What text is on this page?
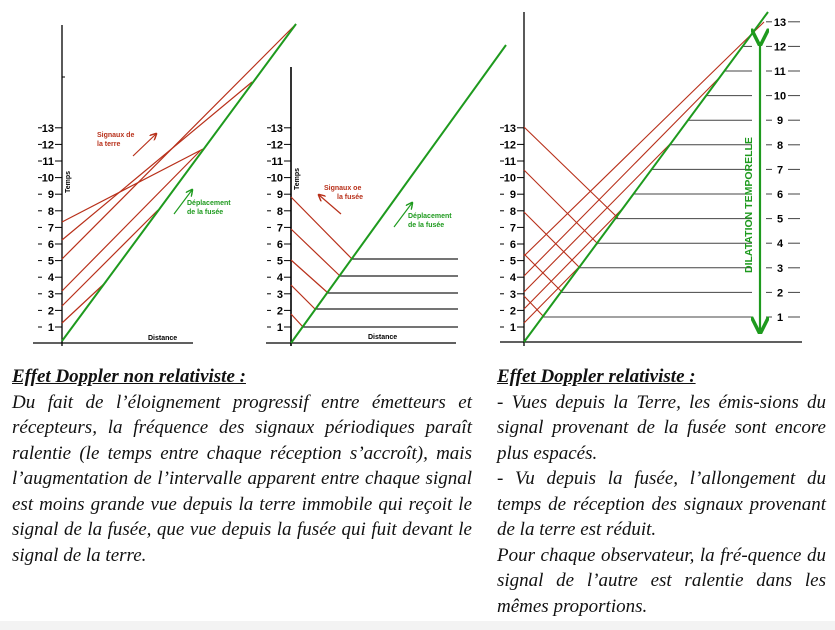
1
2
3
4
5
6
7
8
9
10
11
12
13
Temps
Distance
Signaux de
la terre
Déplacement
de la fusée
1
2
3
4
5
6
7
8
9
10
11
12
13
Temps
Distance
Signaux oe
la fusée
Déplacement
de la fusée
1
2
3
4
5
6
7
8
9
10
11
12
13
1
2
3
4
5
6
7
8
9
10
11
12
13
DILATATION TEMPORELLE
Effet Doppler non relativiste :

Du fait de l’éloignement progressif entre émetteurs et récepteurs, la fréquence des signaux périodiques paraît ralentie (le temps entre chaque réception s’accroît), mais l’augmentation de l’intervalle apparent entre chaque signal est moins grande vue depuis la terre immobile qui reçoit le signal de la fusée, que vue depuis la fusée qui fuit devant le signal de la terre.

Effet Doppler relativiste :

- Vues depuis la Terre, les émis-sions du signal provenant de la fusée sont encore plus espacés.

- Vu depuis la fusée, l’allongement du temps de réception des signaux provenant de la terre est réduit.

Pour chaque observateur, la fré-quence du signal de l’autre est ralentie dans les mêmes proportions.
